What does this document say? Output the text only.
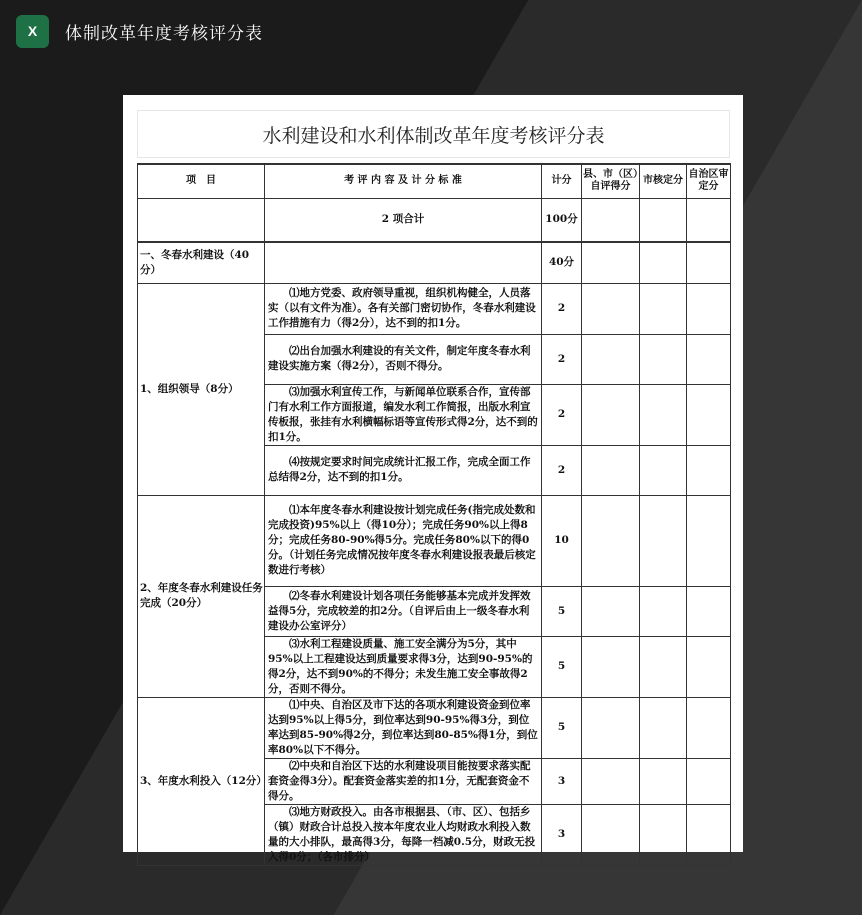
X	体制改革年度考核评分表
水利建设和水利体制改革年度考核评分表
项　目	考 评 内 容 及 计 分 标 准	计分	县、市（区）自评得分	市核定分	自治区审定分
	2 项合计	100分			
一、冬春水利建设（40分）		40分			
1、组织领导（8分）	⑴地方党委、政府领导重视，组织机构健全，人员落实（以有文件为准）。各有关部门密切协作，冬春水利建设工作措施有力（得2分），达不到的扣1分。	2			
	⑵出台加强水利建设的有关文件，制定年度冬春水利建设实施方案（得2分），否则不得分。	2			
	⑶加强水利宣传工作，与新闻单位联系合作，宣传部门有水利工作方面报道，编发水利工作简报，出版水利宣传板报，张挂有水利横幅标语等宣传形式得2分，达不到的扣1分。	2			
	⑷按规定要求时间完成统计汇报工作，完成全面工作总结得2分，达不到的扣1分。	2			
2、年度冬春水利建设任务完成（20分）	⑴本年度冬春水利建设按计划完成任务(指完成处数和完成投资)95%以上（得10分）；完成任务90%以上得8分；完成任务80-90%得5分。完成任务80%以下的得0分。（计划任务完成情况按年度冬春水利建设报表最后核定数进行考核）	10			
	⑵冬春水利建设计划各项任务能够基本完成并发挥效益得5分，完成较差的扣2分。（自评后由上一级冬春水利建设办公室评分）	5			
	⑶水利工程建设质量、施工安全满分为5分，其中95%以上工程建设达到质量要求得3分，达到90-95%的得2分，达不到90%的不得分；未发生施工安全事故得2分，否则不得分。	5			
3、年度水利投入（12分）	⑴中央、自治区及市下达的各项水利建设资金到位率达到95%以上得5分，到位率达到90-95%得3分，到位率达到85-90%得2分，到位率达到80-85%得1分，到位率80%以下不得分。	5			
	⑵中央和自治区下达的水利建设项目能按要求落实配套资金得3分）。配套资金落实差的扣1分，无配套资金不得分。	3			
	⑶地方财政投入。由各市根据县、（市、区）、包括乡（镇）财政合计总投入按本年度农业人均财政水利投入数量的大小排队，最高得3分，每降一档减0.5分，财政无投入得0分；（各市排分）	3			
